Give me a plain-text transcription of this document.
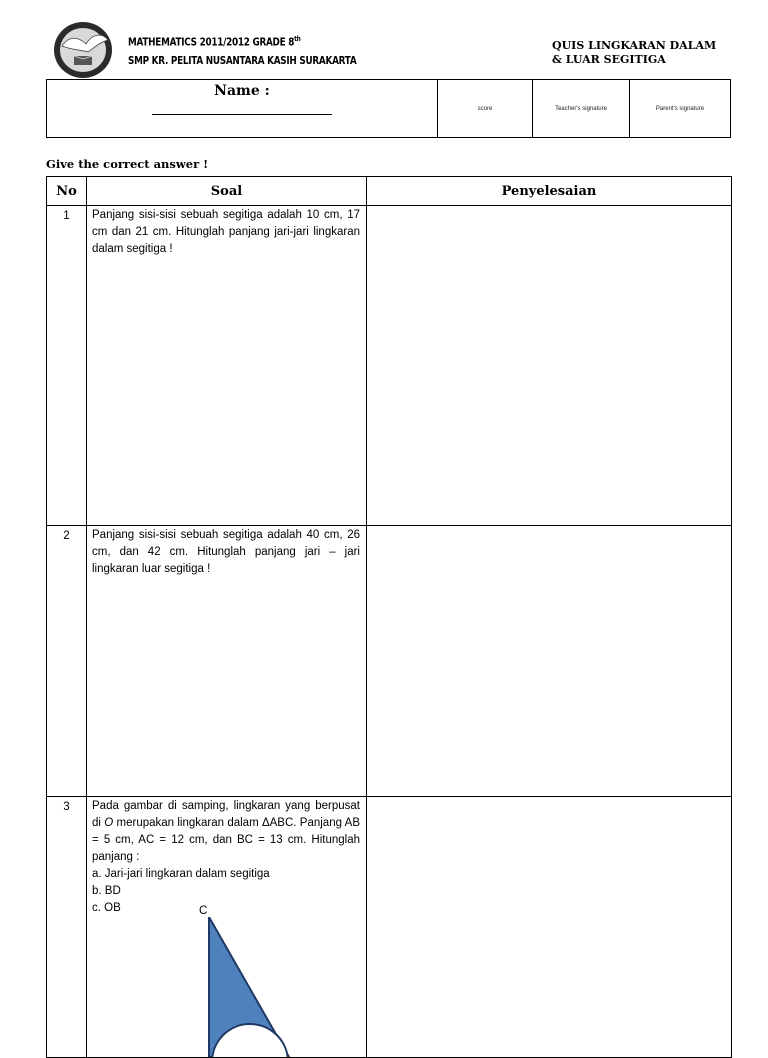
MATHEMATICS 2011/2012 GRADE 8th
SMP KR. PELITA NUSANTARA KASIH SURAKARTA
QUIS LINGKARAN DALAM
& LUAR SEGITIGA
Name :
score	Teacher's signature	Parent's signature
Give the correct answer !
No	Soal	Penyelesaian
1	Panjang sisi-sisi sebuah segitiga adalah 10 cm, 17 cm dan 21 cm. Hitunglah panjang jari-jari lingkaran dalam segitiga !	

2	Panjang sisi-sisi sebuah segitiga adalah 40 cm, 26 cm, dan 42 cm. Hitunglah panjang jari – jari lingkaran luar segitiga !	

3	Pada gambar di samping, lingkaran yang berpusat di O merupakan lingkaran dalam ΔABC. Panjang AB = 5 cm, AC = 12 cm, dan BC = 13 cm. Hitunglah panjang :
a. Jari-jari lingkaran dalam segitiga
b. BD
c. OB C	
